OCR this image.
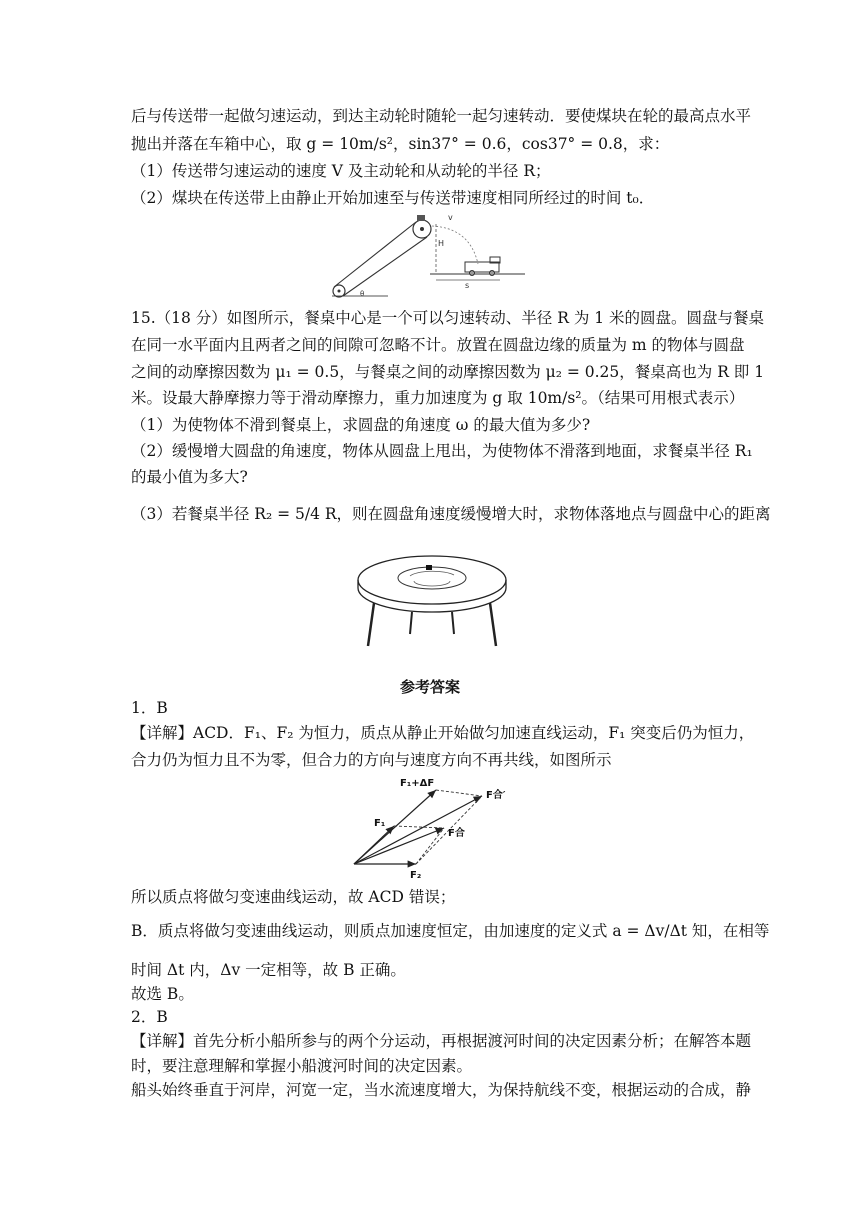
后与传送带一起做匀速运动，到达主动轮时随轮一起匀速转动．要使煤块在轮的最高点水平
抛出并落在车箱中心，取 g = 10m/s²，sin37° = 0.6，cos37° = 0.8，求：
（1）传送带匀速运动的速度 V 及主动轮和从动轮的半径 R；
（2）煤块在传送带上由静止开始加速至与传送带速度相同所经过的时间 t₀．
θ
H
v
s
15.（18 分）如图所示，餐桌中心是一个可以匀速转动、半径 R 为 1 米的圆盘。圆盘与餐桌
在同一水平面内且两者之间的间隙可忽略不计。放置在圆盘边缘的质量为 m 的物体与圆盘
之间的动摩擦因数为 μ₁ = 0.5，与餐桌之间的动摩擦因数为 μ₂ = 0.25，餐桌高也为 R 即 1
米。设最大静摩擦力等于滑动摩擦力，重力加速度为 g 取 10m/s²。（结果可用根式表示）
（1）为使物体不滑到餐桌上，求圆盘的角速度 ω 的最大值为多少?
（2）缓慢增大圆盘的角速度，物体从圆盘上甩出，为使物体不滑落到地面，求餐桌半径 R₁
的最小值为多大?
（3）若餐桌半径 R₂ = 5/4 R，则在圆盘角速度缓慢增大时，求物体落地点与圆盘中心的距离
参考答案
1．B
【详解】ACD．F₁、F₂ 为恒力，质点从静止开始做匀加速直线运动，F₁ 突变后仍为恒力，
合力仍为恒力且不为零，但合力的方向与速度方向不再共线，如图所示
F₁+ΔF
F合′
F₁
F合
F₂
所以质点将做匀变速曲线运动，故 ACD 错误；
B．质点将做匀变速曲线运动，则质点加速度恒定，由加速度的定义式 a = Δv/Δt 知，在相等
时间 Δt 内，Δv 一定相等，故 B 正确。
故选 B。
2．B
【详解】首先分析小船所参与的两个分运动，再根据渡河时间的决定因素分析；在解答本题
时，要注意理解和掌握小船渡河时间的决定因素。
船头始终垂直于河岸，河宽一定，当水流速度增大，为保持航线不变，根据运动的合成，静
